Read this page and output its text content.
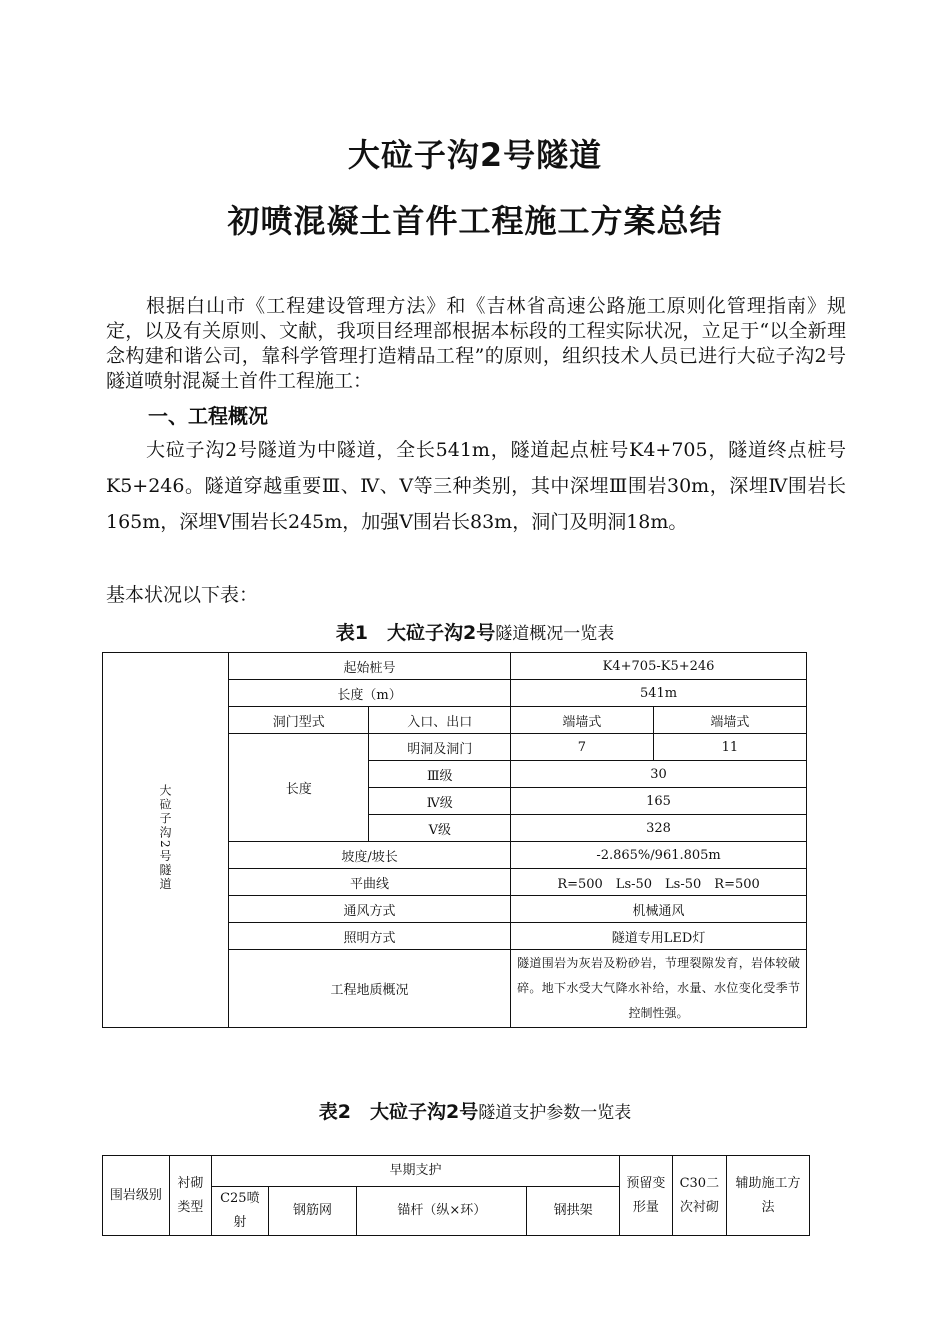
大砬子沟2号隧道
初喷混凝土首件工程施工方案总结
根据白山市《工程建设管理方法》和《吉林省高速公路施工原则化管理指南》规定，以及有关原则、文献，我项目经理部根据本标段的工程实际状况，立足于“以全新理念构建和谐公司，靠科学管理打造精品工程”的原则，组织技术人员已进行大砬子沟2号隧道喷射混凝土首件工程施工：
一、工程概况
大砬子沟2号隧道为中隧道，全长541m，隧道起点桩号K4+705，隧道终点桩号K5+246。隧道穿越重要Ⅲ、Ⅳ、Ⅴ等三种类别，其中深埋Ⅲ围岩30m，深埋Ⅳ围岩长165m，深埋Ⅴ围岩长245m，加强Ⅴ围岩长83m，洞门及明洞18m。
基本状况以下表：
表1　大砬子沟2号隧道概况一览表
大砬子沟2号隧道	起始桩号		K4+705-K5+246	
	长度（m）		541m	
	洞门型式	入口、出口	端墙式	端墙式
	长度	明洞及洞门	7	11
		Ⅲ级	30	
		Ⅳ级	165	
		Ⅴ级	328	
	坡度/坡长		-2.865%/961.805m	
	平曲线		R=500　Ls-50　Ls-50　R=500	
	通风方式		机械通风	
	照明方式		隧道专用LED灯	
	工程地质概况		隧道围岩为灰岩及粉砂岩，节理裂隙发育，岩体较破碎。地下水受大气降水补给，水量、水位变化受季节控制性强。	
表2　大砬子沟2号隧道支护参数一览表
围岩级别	衬砌类型	早期支护				预留变形量	C30二次衬砌	辅助施工方法
		C25喷射	钢筋网	锚杆（纵×环）	钢拱架			
